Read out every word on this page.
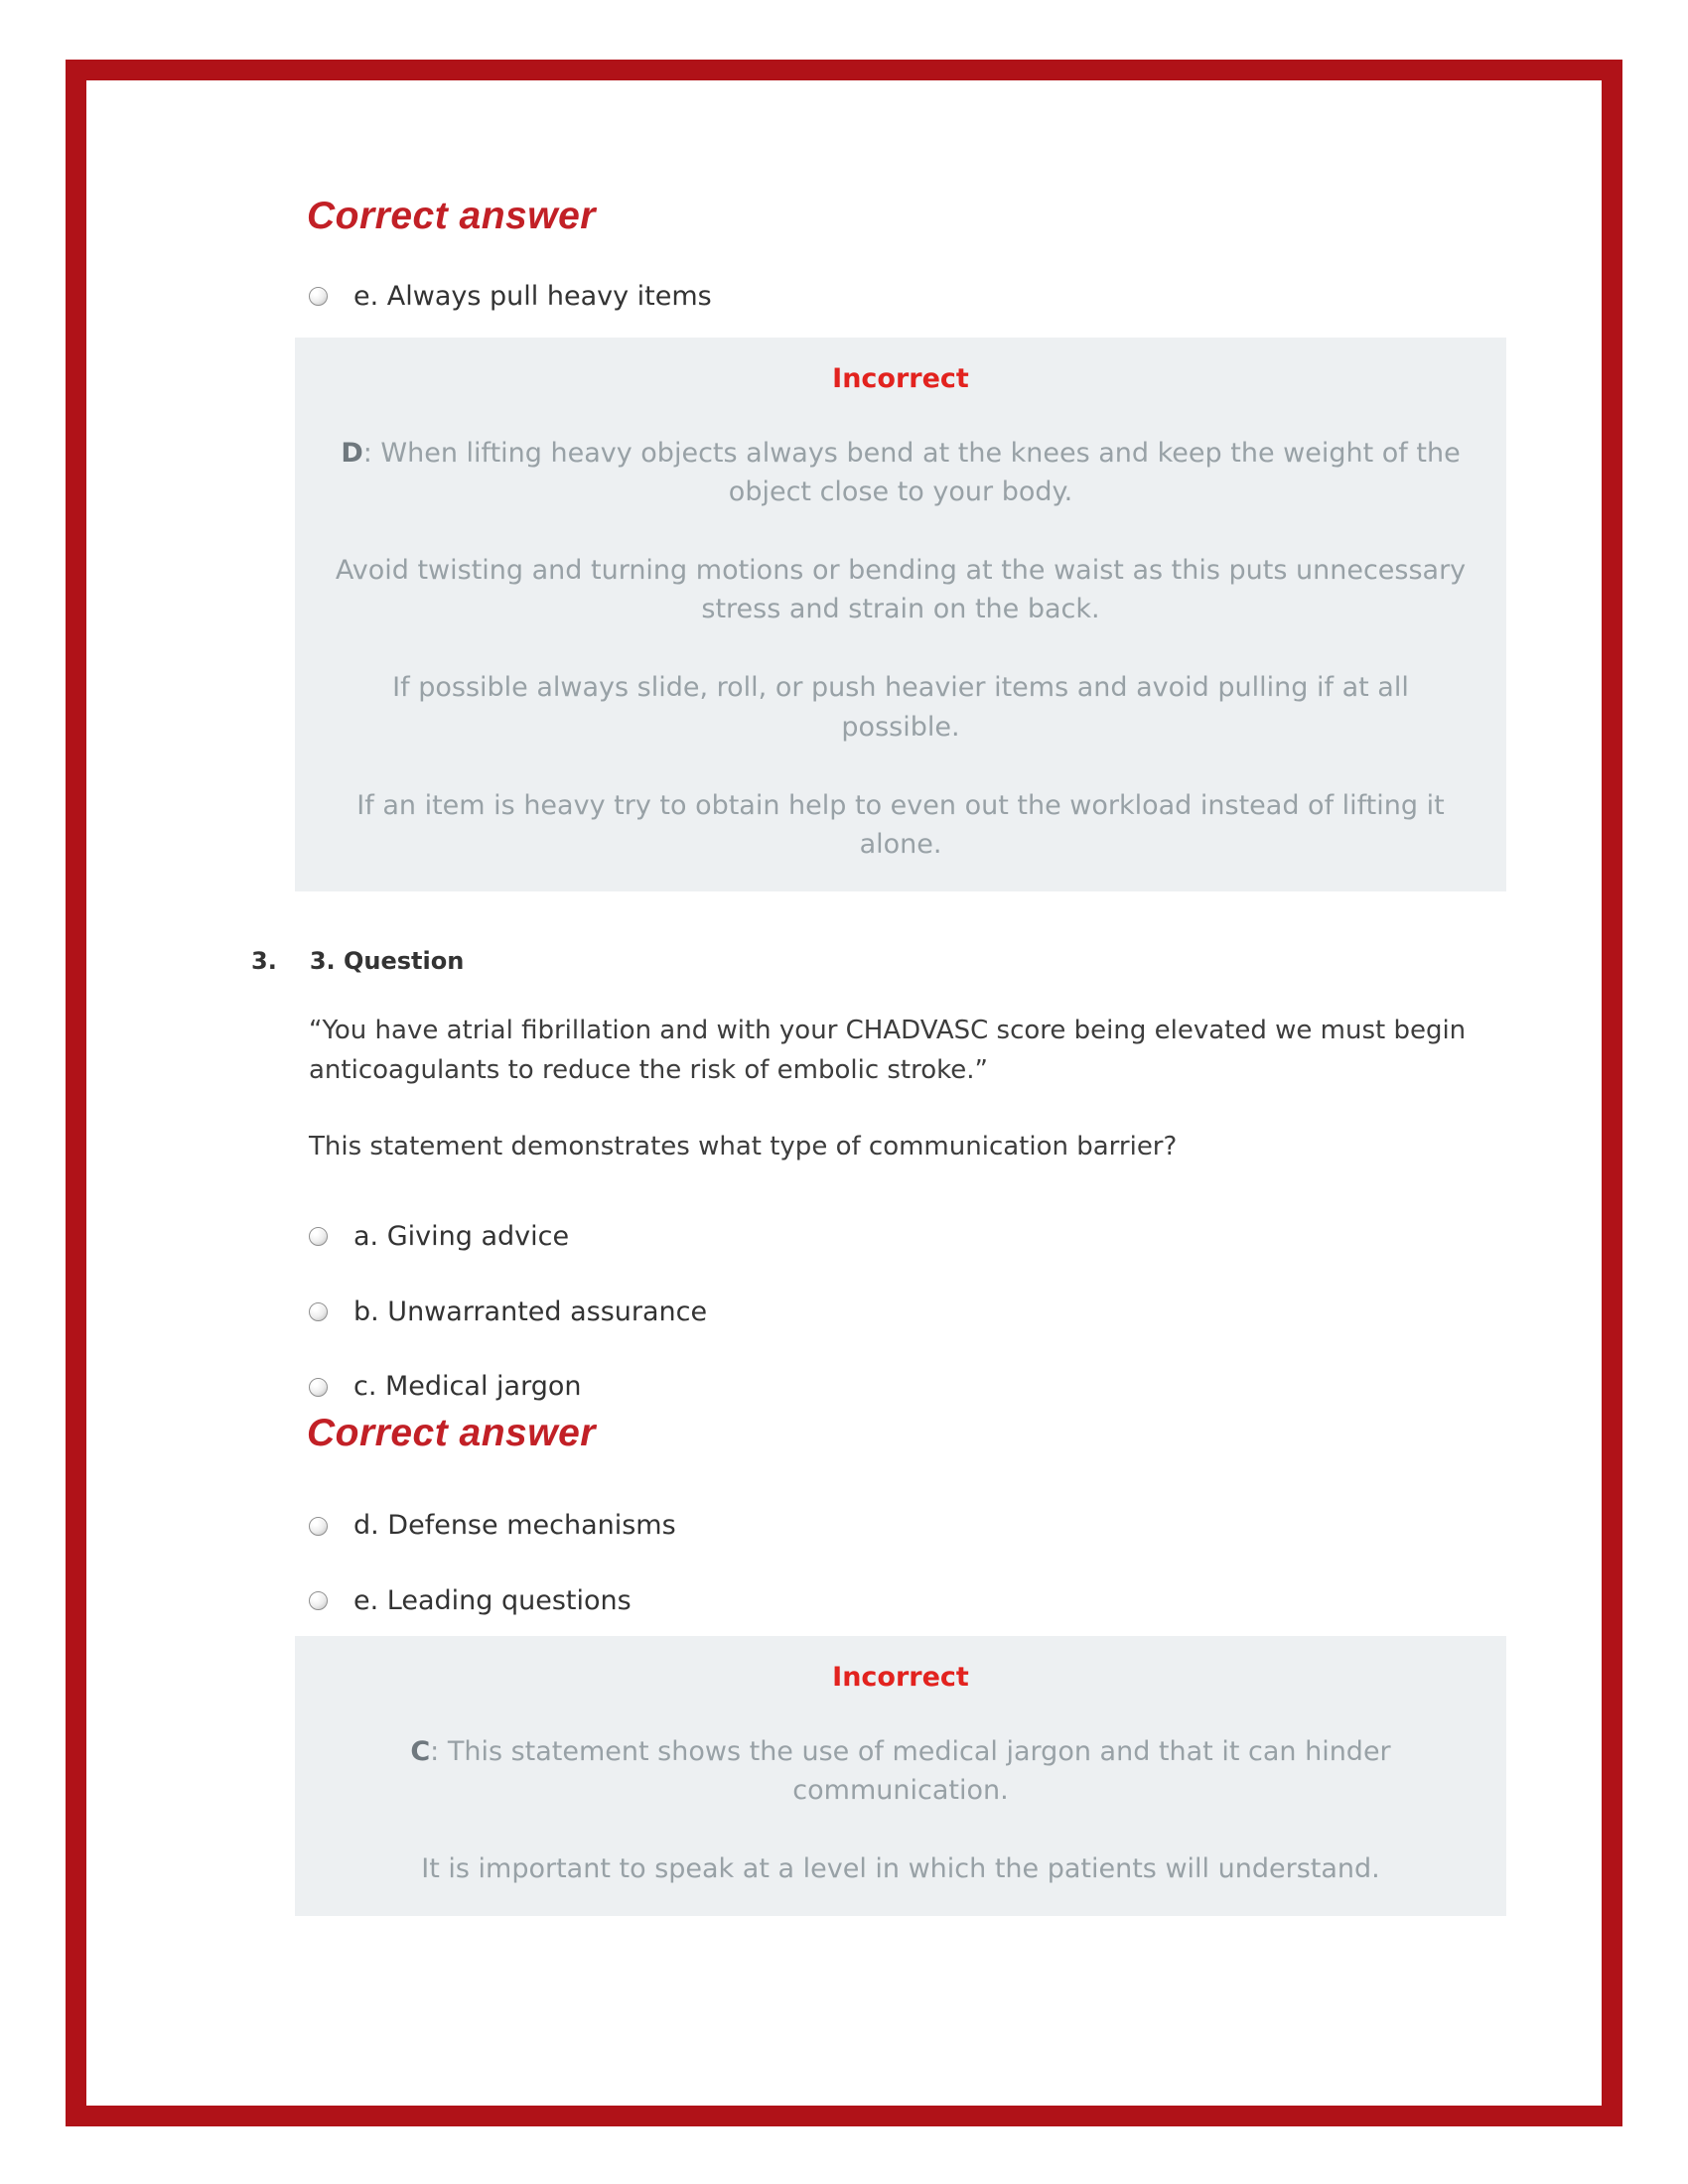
Correct answer
e. Always pull heavy items
Incorrect

D: When lifting heavy objects always bend at the knees and keep the weight of the object close to your body.

Avoid twisting and turning motions or bending at the waist as this puts unnecessary stress and strain on the back.

If possible always slide, roll, or push heavier items and avoid pulling if at all possible.

If an item is heavy try to obtain help to even out the workload instead of lifting it alone.

3. 3. Question

“You have atrial fibrillation and with your CHADVASC score being elevated we must begin anticoagulants to reduce the risk of embolic stroke.”

This statement demonstrates what type of communication barrier?

a. Giving advice
b. Unwarranted assurance
c. Medical jargon
Correct answer
d. Defense mechanisms
e. Leading questions
Incorrect

C: This statement shows the use of medical jargon and that it can hinder communication.

It is important to speak at a level in which the patients will understand.
